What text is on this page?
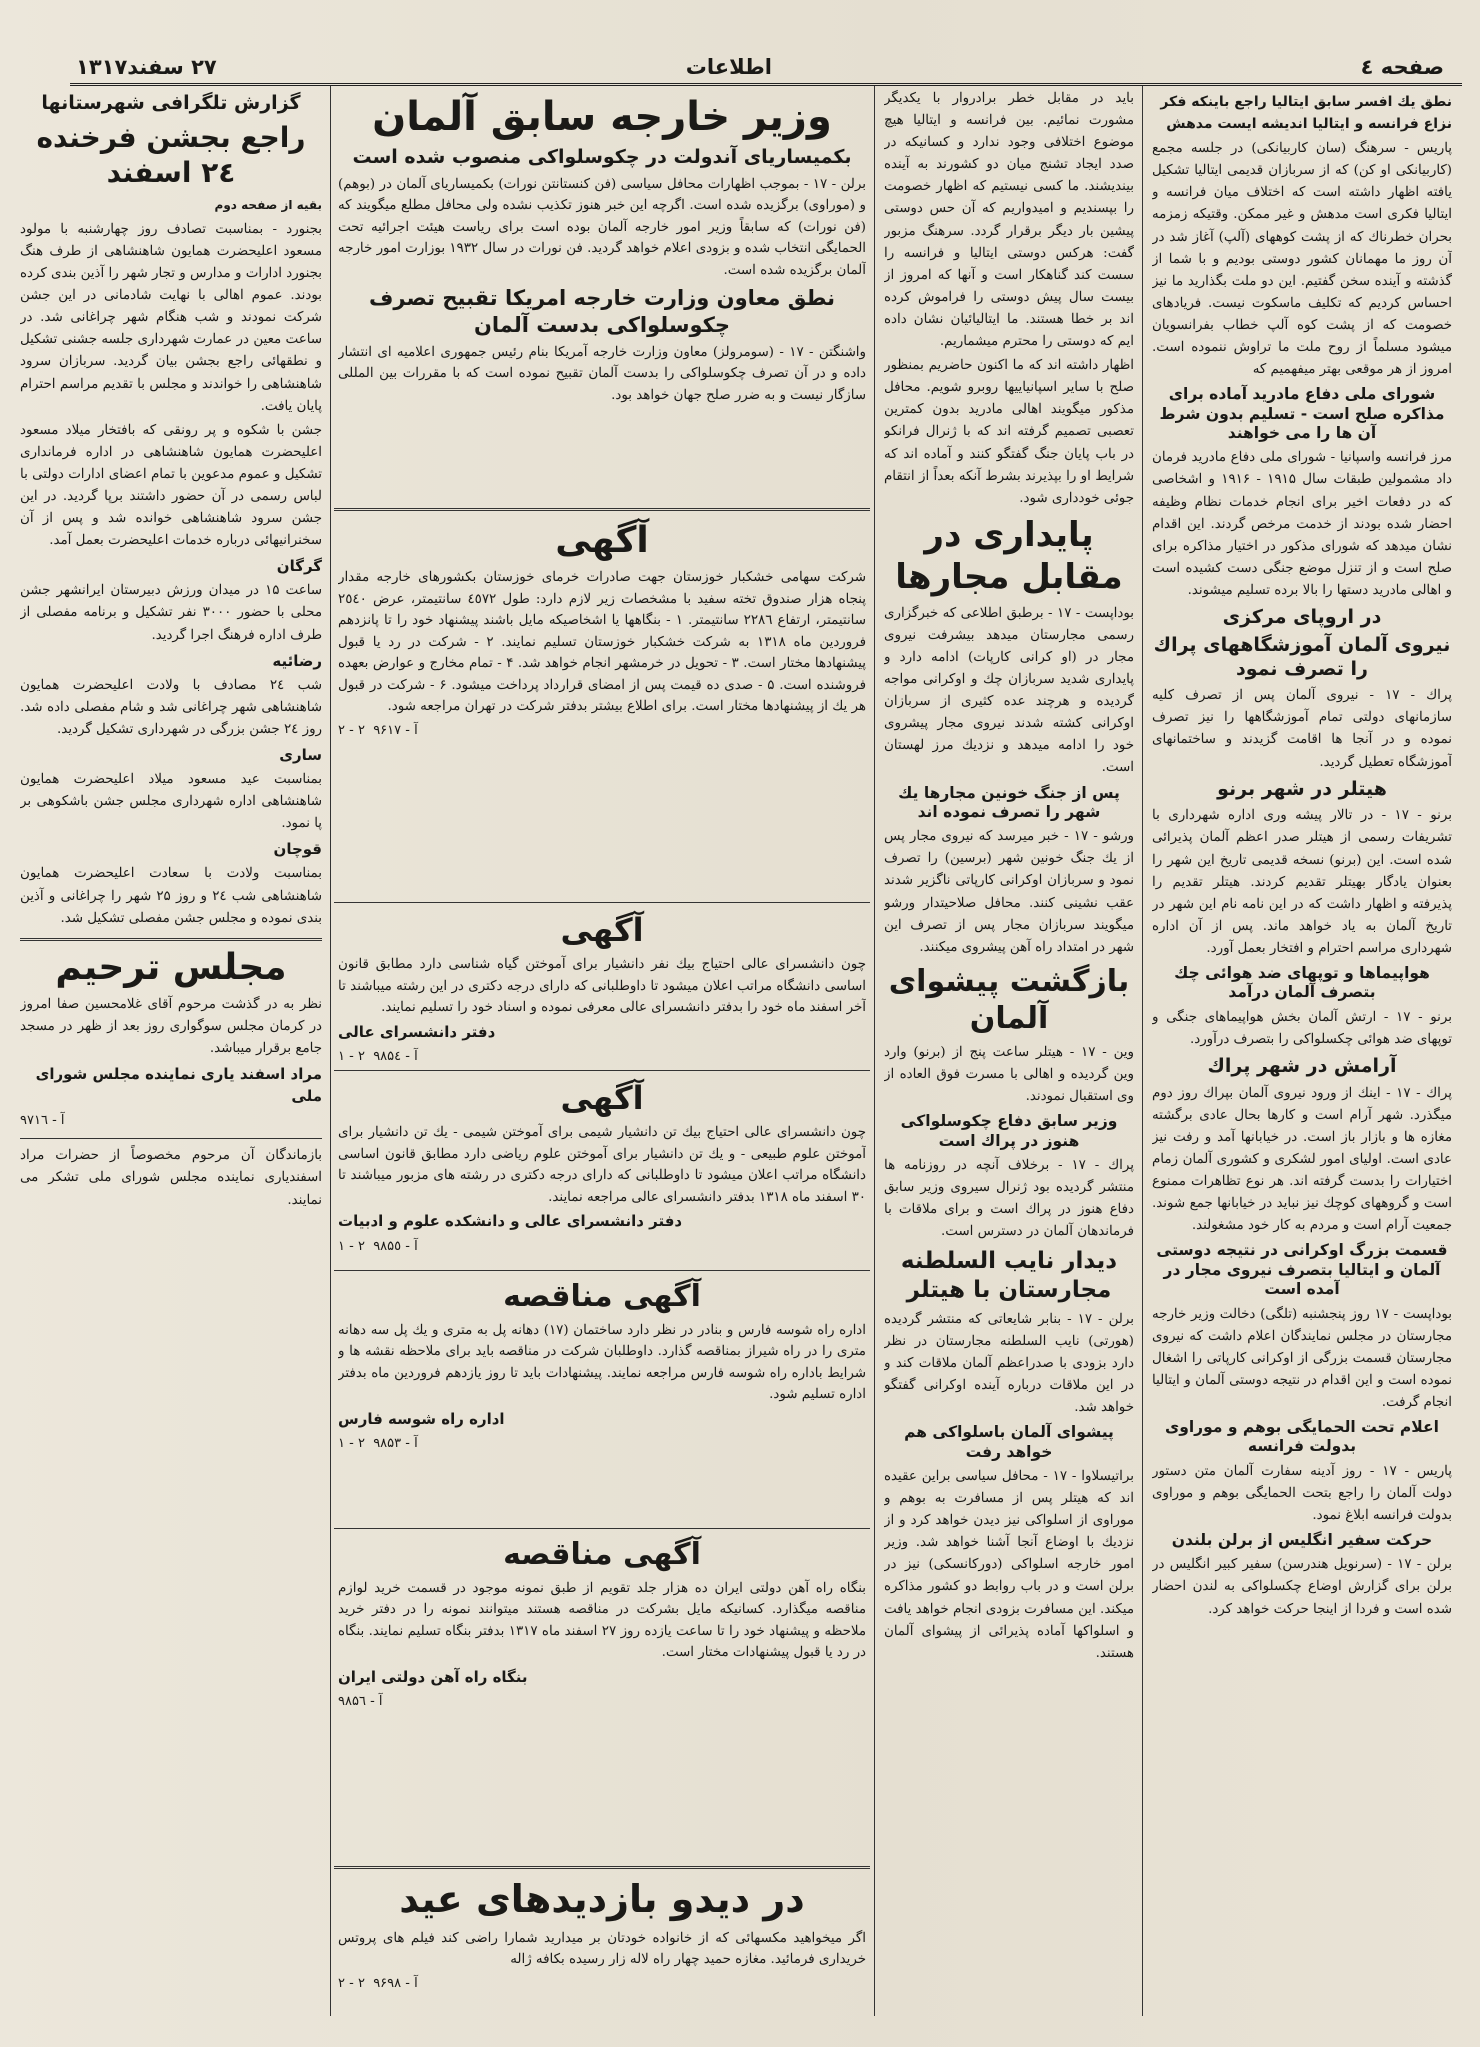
صفحه ٤
اطلاعات
۲۷ سفند۱۳۱۷
نطق یك افسر سابق ایتالیا راجع باینکه فکر نزاع فرانسه و ایتالیا اندیشه ایست مدهش

پاریس - سرهنگ (سان کاربیانکی) در جلسه مجمع (کاربیانکی او کن) که از سربازان قدیمی ایتالیا تشکیل یافته اظهار داشته است که اختلاف میان فرانسه و ایتالیا فکری است مدهش و غیر ممکن. وقتیکه زمزمه بحران خطرناك که از پشت کوههای (آلپ) آغاز شد در آن روز ما مهمانان کشور دوستی بودیم و با شما از گذشته و آینده سخن گفتیم. این دو ملت بگذارید ما نیز احساس کردیم که تکلیف ماسکوت نیست. فریادهای خصومت که از پشت کوه آلپ خطاب بفرانسویان میشود مسلماً از روح ملت ما تراوش ننموده است. امروز از هر موقعی بهتر میفهمیم که

شورای ملی دفاع مادرید آماده برای مذاکره صلح است - تسلیم بدون شرط آن ها را می خواهند

مرز فرانسه واسپانیا - شورای ملی دفاع مادرید فرمان داد مشمولین طبقات سال ۱۹۱۵ - ۱۹۱۶ و اشخاصی که در دفعات اخیر برای انجام خدمات نظام وظیفه احضار شده بودند از خدمت مرخص گردند. این اقدام نشان میدهد که شورای مذکور در اختیار مذاکره برای صلح است و از تنزل موضع جنگی دست کشیده است و اهالی مادرید دستها را بالا برده تسلیم میشوند.

در اروپای مرکزی
نیروی آلمان آموزشگاههای پراك را تصرف نمود

پراك - ۱۷ - نیروی آلمان پس از تصرف کلیه سازمانهای دولتی تمام آموزشگاهها را نیز تصرف نموده و در آنجا ها اقامت گزیدند و ساختمانهای آموزشگاه تعطیل گردید.

هیتلر در شهر برنو

برنو - ۱۷ - در تالار پیشه وری اداره شهرداری با تشریفات رسمی از هیتلر صدر اعظم آلمان پذیرائی شده است. این (برنو) نسخه قدیمی تاریخ این شهر را بعنوان یادگار بهیتلر تقدیم کردند. هیتلر تقدیم را پذیرفته و اظهار داشت که در این نامه نام این شهر در تاریخ آلمان به یاد خواهد ماند. پس از آن اداره شهرداری مراسم احترام و افتخار بعمل آورد.

هواپیماها و توپهای ضد هوائی چك بتصرف آلمان درآمد

برنو - ۱۷ - ارتش آلمان بخش هواپیماهای جنگی و توپهای ضد هوائی چکسلواکی را بتصرف درآورد.

آرامش در شهر پراك

پراك - ۱۷ - اینك از ورود نیروی آلمان بپراك روز دوم میگذرد. شهر آرام است و کارها بحال عادی برگشته مغازه ها و بازار باز است. در خیابانها آمد و رفت نیز عادی است. اولیای امور لشکری و کشوری آلمان زمام اختیارات را بدست گرفته اند. هر نوع تظاهرات ممنوع است و گروههای کوچك نیز نباید در خیابانها جمع شوند. جمعیت آرام است و مردم به کار خود مشغولند.

قسمت بزرگ اوکرانی در نتیجه دوستی آلمان و ایتالیا بتصرف نیروی مجار در آمده است

بوداپست - ۱۷ روز پنجشنبه (تلگی) دخالت وزیر خارجه مجارستان در مجلس نمایندگان اعلام داشت که نیروی مجارستان قسمت بزرگی از اوکرانی کارپاتی را اشغال نموده است و این اقدام در نتیجه دوستی آلمان و ایتالیا انجام گرفت.

اعلام تحت الحمایگی بوهم و موراوی بدولت فرانسه

پاریس - ۱۷ - روز آدینه سفارت آلمان متن دستور دولت آلمان را راجع بتحت الحمایگی بوهم و موراوی بدولت فرانسه ابلاغ نمود.

حرکت سفیر انگلیس از برلن بلندن

برلن - ۱۷ - (سرنویل هندرسن) سفیر کبیر انگلیس در برلن برای گزارش اوضاع چکسلواکی به لندن احضار شده است و فردا از اینجا حرکت خواهد کرد.

باید در مقابل خطر برادروار با یکدیگر مشورت نمائیم. بین فرانسه و ایتالیا هیچ موضوع اختلافی وجود ندارد و کسانیکه در صدد ایجاد تشنج میان دو کشورند به آینده بیندیشند. ما کسی نیستیم که اظهار خصومت را بپسندیم و امیدواریم که آن حس دوستی پیشین بار دیگر برقرار گردد. سرهنگ مزبور گفت: هرکس دوستی ایتالیا و فرانسه را سست کند گناهکار است و آنها که امروز از بیست سال پیش دوستی را فراموش کرده اند بر خطا هستند. ما ایتالیائیان نشان داده ایم که دوستی را محترم میشماریم.

اظهار داشته اند که ما اکنون حاضریم بمنظور صلح با سایر اسپانیاییها روبرو شویم. محافل مذکور میگویند اهالی مادرید بدون کمترین تعصبی تصمیم گرفته اند که با ژنرال فرانکو در باب پایان جنگ گفتگو کنند و آماده اند که شرایط او را بپذیرند بشرط آنکه بعداً از انتقام جوئی خودداری شود.

پایداری در مقابل مجارها

بوداپست - ۱۷ - برطبق اطلاعی که خبرگزاری رسمی مجارستان میدهد بیشرفت نیروی مجار در (او کرانی کارپات) ادامه دارد و پایداری شدید سربازان چك و اوکرانی مواجه گردیده و هرچند عده کثیری از سربازان اوکرانی کشته شدند نیروی مجار پیشروی خود را ادامه میدهد و نزدیك مرز لهستان است.

پس از جنگ خونین مجارها یك شهر را تصرف نموده اند

ورشو - ۱۷ - خبر میرسد که نیروی مجار پس از یك جنگ خونین شهر (برسین) را تصرف نمود و سربازان اوکرانی کارپاتی ناگزیر شدند عقب نشینی کنند. محافل صلاحیتدار ورشو میگویند سربازان مجار پس از تصرف این شهر در امتداد راه آهن پیشروی میکنند.

بازگشت پیشوای آلمان

وین - ۱۷ - هیتلر ساعت پنج از (برنو) وارد وین گردیده و اهالی با مسرت فوق العاده از وی استقبال نمودند.

وزیر سابق دفاع چکوسلواکی هنوز در پراك است

پراك - ۱۷ - برخلاف آنچه در روزنامه ها منتشر گردیده بود ژنرال سیروی وزیر سابق دفاع هنوز در پراك است و برای ملاقات با فرماندهان آلمان در دسترس است.

دیدار نایب السلطنه مجارستان با هیتلر

برلن - ۱۷ - بنابر شایعاتی که منتشر گردیده (هورتی) نایب السلطنه مجارستان در نظر دارد بزودی با صدراعظم آلمان ملاقات کند و در این ملاقات درباره آینده اوکرانی گفتگو خواهد شد.

پیشوای آلمان باسلواکی هم خواهد رفت

براتیسلاوا - ۱۷ - محافل سیاسی براین عقیده اند که هیتلر پس از مسافرت به بوهم و موراوی از اسلواکی نیز دیدن خواهد کرد و از نزدیك با اوضاع آنجا آشنا خواهد شد. وزیر امور خارجه اسلواکی (دورکانسکی) نیز در برلن است و در باب روابط دو کشور مذاکره میکند. این مسافرت بزودی انجام خواهد یافت و اسلواکها آماده پذیرائی از پیشوای آلمان هستند.

وزیر خارجه سابق آلمان
بکمیساریای آندولت در چکوسلواکی منصوب شده است

برلن - ۱۷ - بموجب اظهارات محافل سیاسی (فن کنستانتن نورات) بکمیساریای آلمان در (بوهم) و (موراوی) برگزیده شده است. اگرچه این خبر هنوز تکذیب نشده ولی محافل مطلع میگویند که (فن نورات) که سابقاً وزیر امور خارجه آلمان بوده است برای ریاست هیئت اجرائیه تحت الحمایگی انتخاب شده و بزودی اعلام خواهد گردید. فن نورات در سال ۱۹۳۲ بوزارت امور خارجه آلمان برگزیده شده است.

نطق معاون وزارت خارجه امریکا تقبیح تصرف چکوسلواکی بدست آلمان

واشنگتن - ۱۷ - (سومرولز) معاون وزارت خارجه آمریکا بنام رئیس جمهوری اعلامیه ای انتشار داده و در آن تصرف چکوسلواکی را بدست آلمان تقبیح نموده است که با مقررات بین المللی سازگار نیست و به ضرر صلح جهان خواهد بود.

آگهی

شرکت سهامی خشکبار خوزستان جهت صادرات خرمای خوزستان بکشورهای خارجه مقدار پنجاه هزار صندوق تخته سفید با مشخصات زیر لازم دارد: طول ٤٥٧٢ سانتیمتر، عرض ٢٥٤٠ سانتیمتر، ارتفاع ٢٢٨٦ سانتیمتر. ۱ - بنگاهها یا اشخاصیکه مایل باشند پیشنهاد خود را تا پانزدهم فروردین ماه ۱۳۱۸ به شرکت خشکبار خوزستان تسلیم نمایند. ۲ - شرکت در رد یا قبول پیشنهادها مختار است. ۳ - تحویل در خرمشهر انجام خواهد شد. ۴ - تمام مخارج و عوارض بعهده فروشنده است. ۵ - صدی ده قیمت پس از امضای قرارداد پرداخت میشود. ۶ - شرکت در قبول هر یك از پیشنهادها مختار است. برای اطلاع بیشتر بدفتر شرکت در تهران مراجعه شود.

آ - ۹۶۱۷  ۲ - ۲
آگهی

چون دانشسرای عالی احتیاج بیك نفر دانشیار برای آموختن گیاه شناسی دارد مطابق قانون اساسی دانشگاه مراتب اعلان میشود تا داوطلبانی که دارای درجه دکتری در این رشته میباشند تا آخر اسفند ماه خود را بدفتر دانشسرای عالی معرفی نموده و اسناد خود را تسلیم نمایند.

دفتر دانشسرای عالی
آ - ۹۸۵٤  ۲ - ۱
آگهی

چون دانشسرای عالی احتیاج بیك تن دانشیار شیمی برای آموختن شیمی - یك تن دانشیار برای آموختن علوم طبیعی - و یك تن دانشیار برای آموختن علوم ریاضی دارد مطابق قانون اساسی دانشگاه مراتب اعلان میشود تا داوطلبانی که دارای درجه دکتری در رشته های مزبور میباشند تا ۳۰ اسفند ماه ۱۳۱۸ بدفتر دانشسرای عالی مراجعه نمایند.

دفتر دانشسرای عالی و دانشکده علوم و ادبیات
آ - ۹۸۵٥  ۲ - ۱
آگهی مناقصه

اداره راه شوسه فارس و بنادر در نظر دارد ساختمان (۱۷) دهانه پل به متری و یك پل سه دهانه متری را در راه شیراز بمناقصه گذارد. داوطلبان شرکت در مناقصه باید برای ملاحظه نقشه ها و شرایط باداره راه شوسه فارس مراجعه نمایند. پیشنهادات باید تا روز یازدهم فروردین ماه بدفتر اداره تسلیم شود.

اداره راه شوسه فارس
آ - ۹۸۵۳  ۲ - ۱
آگهی مناقصه

بنگاه راه آهن دولتی ایران ده هزار جلد تقویم از طبق نمونه موجود در قسمت خرید لوازم مناقصه میگذارد. کسانیکه مایل بشرکت در مناقصه هستند میتوانند نمونه را در دفتر خرید ملاحظه و پیشنهاد خود را تا ساعت یازده روز ۲۷ اسفند ماه ۱۳۱۷ بدفتر بنگاه تسلیم نمایند. بنگاه در رد یا قبول پیشنهادات مختار است.

بنگاه راه آهن دولتی ایران
آ - ۹۸۵٦
در دیدو بازدیدهای عید

اگر میخواهید مکسهائی که از خانواده خودتان بر میدارید شمارا راضی کند فیلم های پروتس خریداری فرمائید. مغازه حمید چهار راه لاله زار رسیده بکافه ژاله

آ - ۹۶۹۸  ۲ - ۲
گزارش تلگرافی شهرستانها
راجع بجشن فرخنده ۲٤ اسفند
بقیه از صفحه دوم

بجنورد - بمناسبت تصادف روز چهارشنبه با مولود مسعود اعلیحضرت همایون شاهنشاهی از طرف هنگ بجنورد ادارات و مدارس و تجار شهر را آذین بندی کرده بودند. عموم اهالی با نهایت شادمانی در این جشن شرکت نمودند و شب هنگام شهر چراغانی شد. در ساعت معین در عمارت شهرداری جلسه جشنی تشکیل و نطقهائی راجع بجشن بیان گردید. سربازان سرود شاهنشاهی را خواندند و مجلس با تقدیم مراسم احترام پایان یافت.

جشن با شکوه و پر رونقی که بافتخار میلاد مسعود اعلیحضرت همایون شاهنشاهی در اداره فرمانداری تشکیل و عموم مدعوین با تمام اعضای ادارات دولتی با لباس رسمی در آن حضور داشتند برپا گردید. در این جشن سرود شاهنشاهی خوانده شد و پس از آن سخنرانیهائی درباره خدمات اعلیحضرت بعمل آمد.

گرگان

ساعت ۱۵ در میدان ورزش دبیرستان ایرانشهر جشن محلی با حضور ۳۰۰۰ نفر تشکیل و برنامه مفصلی از طرف اداره فرهنگ اجرا گردید.

رضائیه

شب ۲٤ مصادف با ولادت اعلیحضرت همایون شاهنشاهی شهر چراغانی شد و شام مفصلی داده شد. روز ۲٤ جشن بزرگی در شهرداری تشکیل گردید.

ساری

بمناسبت عید مسعود میلاد اعلیحضرت همایون شاهنشاهی اداره شهرداری مجلس جشن باشکوهی بر پا نمود.

قوچان

بمناسبت ولادت با سعادت اعلیحضرت همایون شاهنشاهی شب ۲٤ و روز ۲۵ شهر را چراغانی و آذین بندی نموده و مجلس جشن مفصلی تشکیل شد.

مجلس ترحیم

نظر به در گذشت مرحوم آقای غلامحسین صفا امروز در کرمان مجلس سوگواری روز بعد از ظهر در مسجد جامع برقرار میباشد.

مراد اسفند یاری نماینده مجلس شورای ملی
آ - ۹۷۱٦

بازماندگان آن مرحوم مخصوصاً از حضرات مراد اسفندیاری نماینده مجلس شورای ملی تشکر می نمایند.
